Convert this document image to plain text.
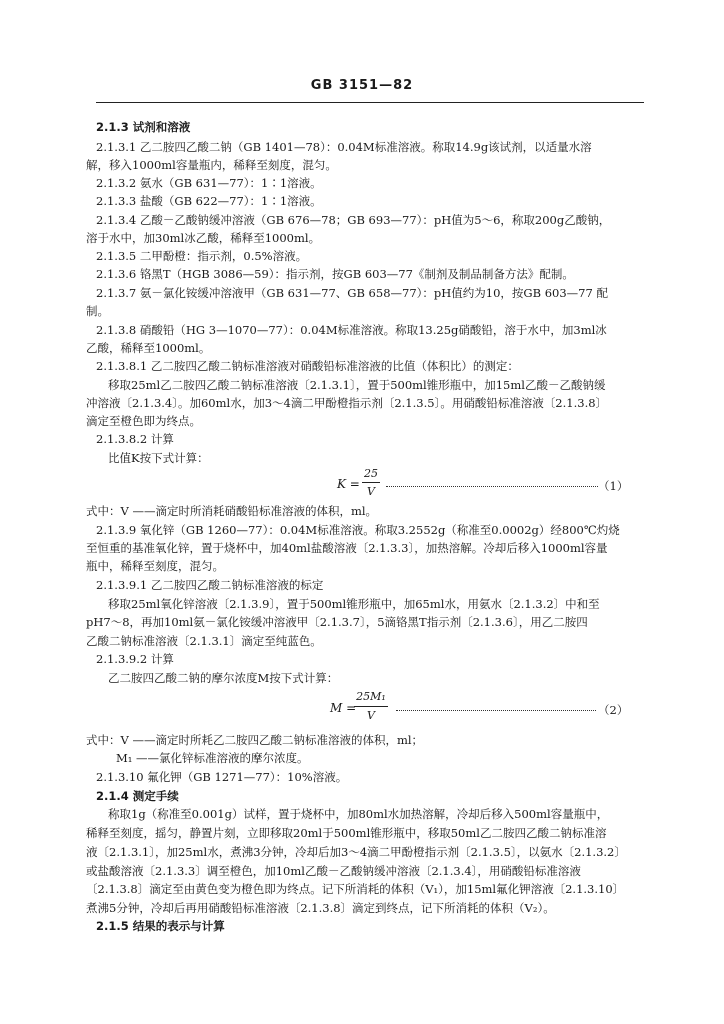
GB 3151—82
2.1.3 试剂和溶液
2.1.3.1 乙二胺四乙酸二钠（GB 1401—78）：0.04M标准溶液。称取14.9g该试剂，以适量水溶
解，移入1000ml容量瓶内，稀释至刻度，混匀。
2.1.3.2 氨水（GB 631—77）：1∶1溶液。
2.1.3.3 盐酸（GB 622—77）：1∶1溶液。
2.1.3.4 乙酸－乙酸钠缓冲溶液（GB 676—78；GB 693—77）：pH值为5～6，称取200g乙酸钠，
溶于水中，加30ml冰乙酸，稀释至1000ml。
2.1.3.5 二甲酚橙：指示剂，0.5%溶液。
2.1.3.6 铬黑T（HGB 3086—59）：指示剂，按GB 603—77《制剂及制品制备方法》配制。
2.1.3.7 氨－氯化铵缓冲溶液甲（GB 631—77、GB 658—77）：pH值约为10，按GB 603—77 配
制。
2.1.3.8 硝酸铅（HG 3—1070—77）：0.04M标准溶液。称取13.25g硝酸铅，溶于水中，加3ml冰
乙酸，稀释至1000ml。
2.1.3.8.1 乙二胺四乙酸二钠标准溶液对硝酸铅标准溶液的比值（体积比）的测定：
移取25ml乙二胺四乙酸二钠标准溶液〔2.1.3.1〕，置于500ml锥形瓶中，加15ml乙酸－乙酸钠缓
冲溶液〔2.1.3.4〕。加60ml水，加3～4滴二甲酚橙指示剂〔2.1.3.5〕。用硝酸铅标准溶液〔2.1.3.8〕
滴定至橙色即为终点。
2.1.3.8.2 计算
比值K按下式计算：
K =
25
V	（1）
式中：V ——滴定时所消耗硝酸铅标准溶液的体积，ml。
2.1.3.9 氧化锌（GB 1260—77）：0.04M标准溶液。称取3.2552g（称准至0.0002g）经800℃灼烧
至恒重的基准氧化锌，置于烧杯中，加40ml盐酸溶液〔2.1.3.3〕，加热溶解。冷却后移入1000ml容量
瓶中，稀释至刻度，混匀。
2.1.3.9.1 乙二胺四乙酸二钠标准溶液的标定
移取25ml氧化锌溶液〔2.1.3.9〕，置于500ml锥形瓶中，加65ml水，用氨水〔2.1.3.2〕中和至
pH7～8，再加10ml氨－氯化铵缓冲溶液甲〔2.1.3.7〕，5滴铬黑T指示剂〔2.1.3.6〕，用乙二胺四
乙酸二钠标准溶液〔2.1.3.1〕滴定至纯蓝色。
2.1.3.9.2 计算
乙二胺四乙酸二钠的摩尔浓度M按下式计算：
M =
25M₁
V	（2）
式中：V ——滴定时所耗乙二胺四乙酸二钠标准溶液的体积，ml；
M₁ ——氯化锌标准溶液的摩尔浓度。
2.1.3.10 氟化钾（GB 1271—77）：10%溶液。
2.1.4 测定手续
称取1g（称准至0.001g）试样，置于烧杯中，加80ml水加热溶解，冷却后移入500ml容量瓶中，
稀释至刻度，摇匀，静置片刻，立即移取20ml于500ml锥形瓶中，移取50ml乙二胺四乙酸二钠标准溶
液〔2.1.3.1〕，加25ml水，煮沸3分钟，冷却后加3～4滴二甲酚橙指示剂〔2.1.3.5〕，以氨水〔2.1.3.2〕
或盐酸溶液〔2.1.3.3〕调至橙色，加10ml乙酸－乙酸钠缓冲溶液〔2.1.3.4〕，用硝酸铅标准溶液
〔2.1.3.8〕滴定至由黄色变为橙色即为终点。记下所消耗的体积（V₁），加15ml氟化钾溶液〔2.1.3.10〕
煮沸5分钟，冷却后再用硝酸铅标准溶液〔2.1.3.8〕滴定到终点，记下所消耗的体积（V₂）。
2.1.5 结果的表示与计算
